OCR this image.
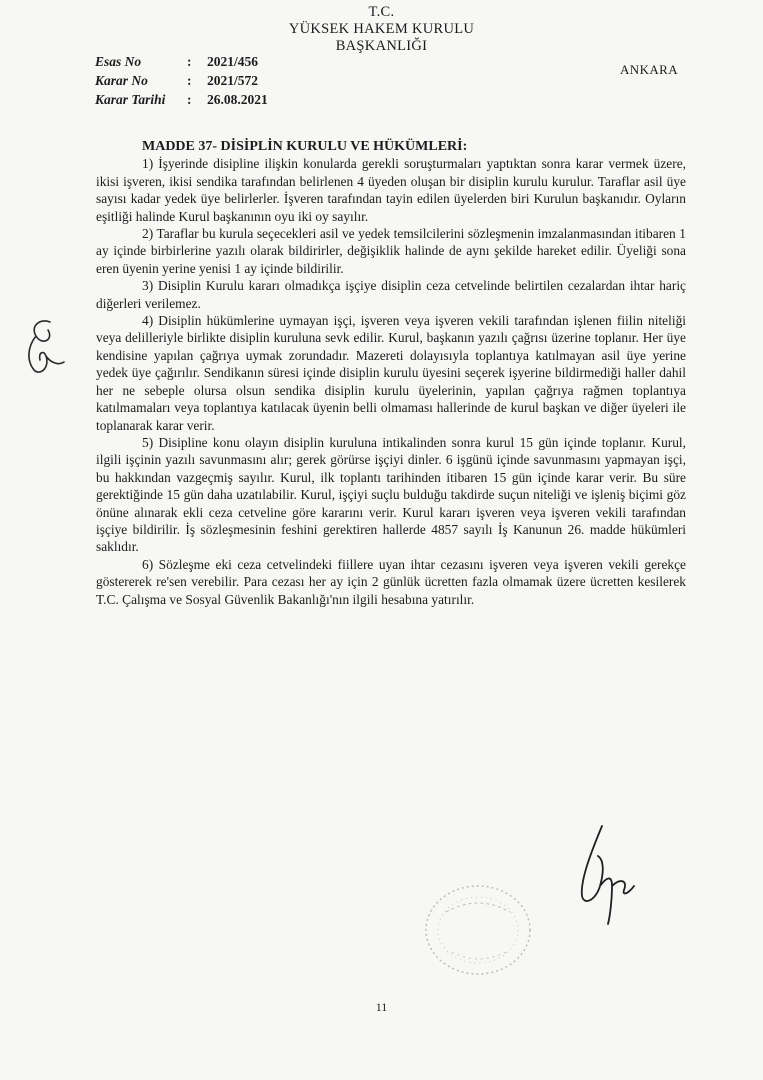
T.C.
YÜKSEK HAKEM KURULU
BAŞKANLIĞI
Esas No	:	2021/456
Karar No	:	2021/572
Karar Tarihi	:	26.08.2021
ANKARA
MADDE 37- DİSİPLİN KURULU VE HÜKÜMLERİ:

1) İşyerinde disipline ilişkin konularda gerekli soruşturmaları yaptıktan sonra karar vermek üzere, ikisi işveren, ikisi sendika tarafından belirlenen 4 üyeden oluşan bir disiplin kurulu kurulur. Taraflar asil üye sayısı kadar yedek üye belirlerler. İşveren tarafından tayin edilen üyelerden biri Kurulun başkanıdır. Oyların eşitliği halinde Kurul başkanının oyu iki oy sayılır.

2) Taraflar bu kurula seçecekleri asil ve yedek temsilcilerini sözleşmenin imzalanmasından itibaren 1 ay içinde birbirlerine yazılı olarak bildirirler, değişiklik halinde de aynı şekilde hareket edilir. Üyeliği sona eren üyenin yerine yenisi 1 ay içinde bildirilir.

3) Disiplin Kurulu kararı olmadıkça işçiye disiplin ceza cetvelinde belirtilen cezalardan ihtar hariç diğerleri verilemez.

4) Disiplin hükümlerine uymayan işçi, işveren veya işveren vekili tarafından işlenen fiilin niteliği veya delilleriyle birlikte disiplin kuruluna sevk edilir. Kurul, başkanın yazılı çağrısı üzerine toplanır. Her üye kendisine yapılan çağrıya uymak zorundadır. Mazereti dolayısıyla toplantıya katılmayan asil üye yerine yedek üye çağırılır. Sendikanın süresi içinde disiplin kurulu üyesini seçerek işyerine bildirmediği haller dahil her ne sebeple olursa olsun sendika disiplin kurulu üyelerinin, yapılan çağrıya rağmen toplantıya katılmamaları veya toplantıya katılacak üyenin belli olmaması hallerinde de kurul başkan ve diğer üyeleri ile toplanarak karar verir.

5) Disipline konu olayın disiplin kuruluna intikalinden sonra kurul 15 gün içinde toplanır. Kurul, ilgili işçinin yazılı savunmasını alır; gerek görürse işçiyi dinler. 6 işgünü içinde savunmasını yapmayan işçi, bu hakkından vazgeçmiş sayılır. Kurul, ilk toplantı tarihinden itibaren 15 gün içinde karar verir. Bu süre gerektiğinde 15 gün daha uzatılabilir. Kurul, işçiyi suçlu bulduğu takdirde suçun niteliği ve işleniş biçimi göz önüne alınarak ekli ceza cetveline göre kararını verir. Kurul kararı işveren veya işveren vekili tarafından işçiye bildirilir. İş sözleşmesinin feshini gerektiren hallerde 4857 sayılı İş Kanunun 26. madde hükümleri saklıdır.

6) Sözleşme eki ceza cetvelindeki fiillere uyan ihtar cezasını işveren veya işveren vekili gerekçe göstererek re'sen verebilir. Para cezası her ay için 2 günlük ücretten fazla olmamak üzere ücretten kesilerek T.C. Çalışma ve Sosyal Güvenlik Bakanlığı'nın ilgili hesabına yatırılır.

11
